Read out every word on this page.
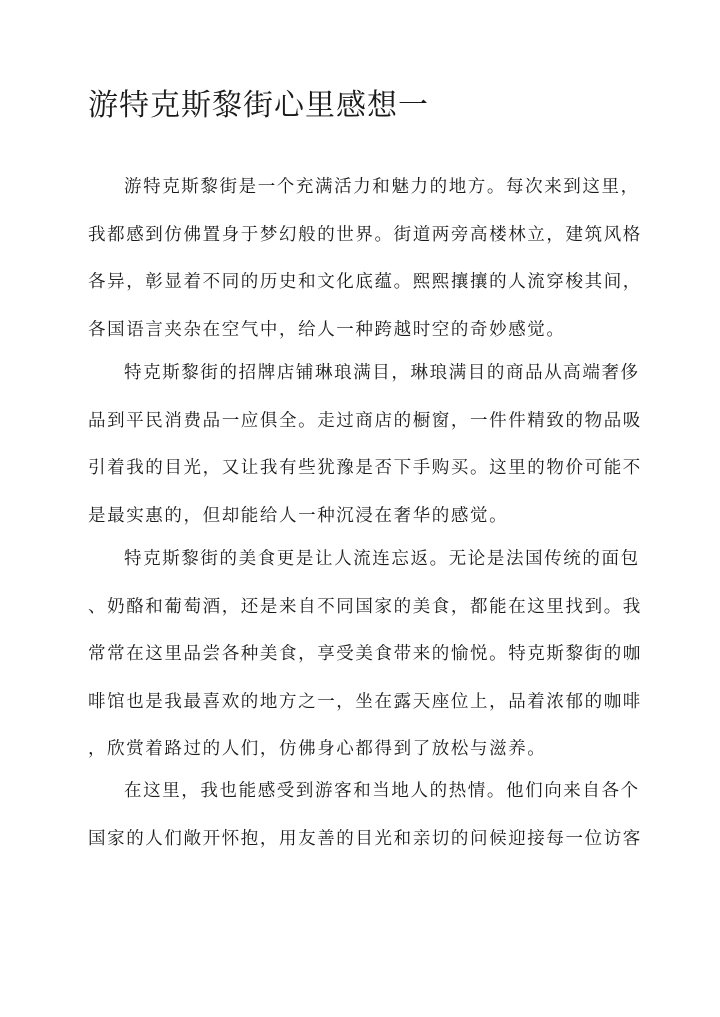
游特克斯黎街心里感想一
游特克斯黎街是一个充满活力和魅力的地方。每次来到这里，
我都感到仿佛置身于梦幻般的世界。街道两旁高楼林立，建筑风格
各异，彰显着不同的历史和文化底蕴。熙熙攘攘的人流穿梭其间，
各国语言夹杂在空气中，给人一种跨越时空的奇妙感觉。
特克斯黎街的招牌店铺琳琅满目，琳琅满目的商品从高端奢侈
品到平民消费品一应俱全。走过商店的橱窗，一件件精致的物品吸
引着我的目光，又让我有些犹豫是否下手购买。这里的物价可能不
是最实惠的，但却能给人一种沉浸在奢华的感觉。
特克斯黎街的美食更是让人流连忘返。无论是法国传统的面包
、奶酪和葡萄酒，还是来自不同国家的美食，都能在这里找到。我
常常在这里品尝各种美食，享受美食带来的愉悦。特克斯黎街的咖
啡馆也是我最喜欢的地方之一，坐在露天座位上，品着浓郁的咖啡
，欣赏着路过的人们，仿佛身心都得到了放松与滋养。
在这里，我也能感受到游客和当地人的热情。他们向来自各个
国家的人们敞开怀抱，用友善的目光和亲切的问候迎接每一位访客
